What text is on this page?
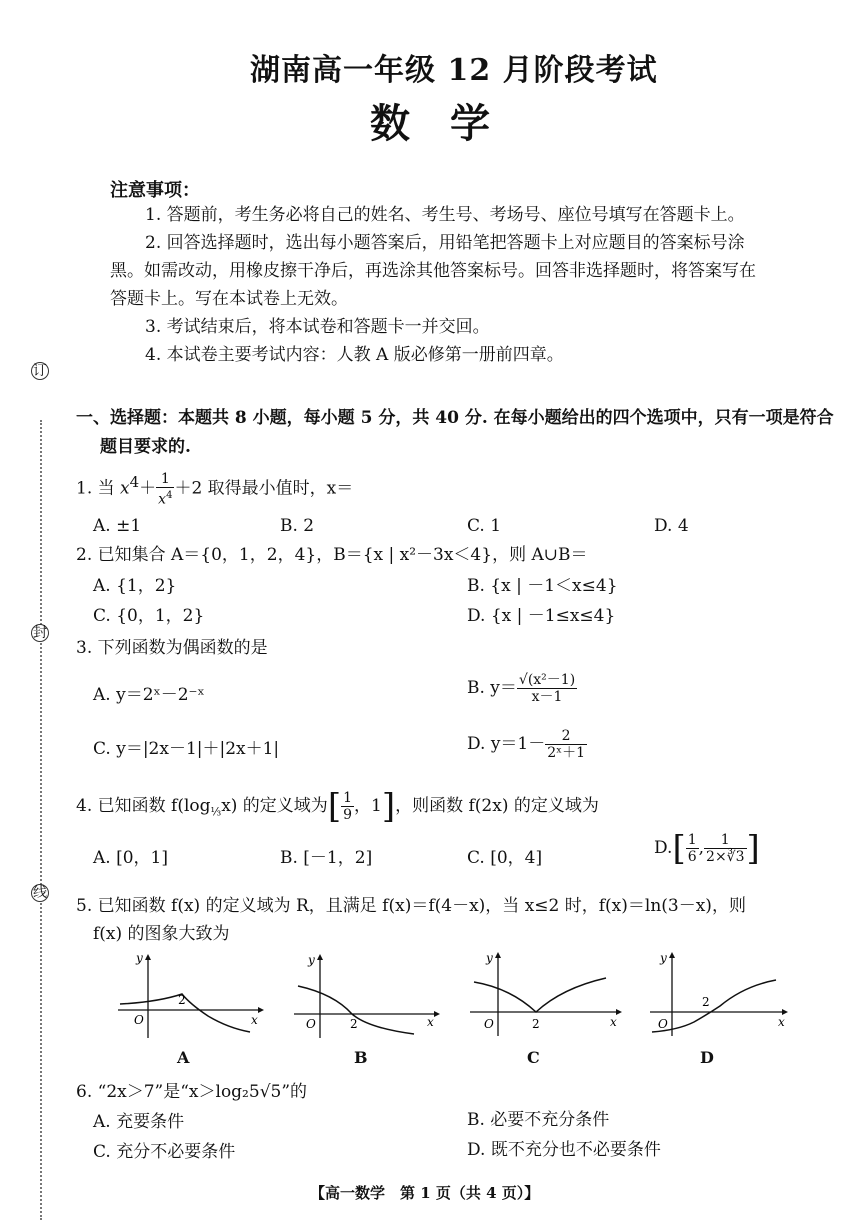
湖南高一年级 12 月阶段考试
数学
注意事项：
1. 答题前，考生务必将自己的姓名、考生号、考场号、座位号填写在答题卡上。
2. 回答选择题时，选出每小题答案后，用铅笔把答题卡上对应题目的答案标号涂
黑。如需改动，用橡皮擦干净后，再选涂其他答案标号。回答非选择题时，将答案写在
答题卡上。写在本试卷上无效。
3. 考试结束后，将本试卷和答题卡一并交回。
4. 本试卷主要考试内容：人教 A 版必修第一册前四章。
订
封
线
一、选择题：本题共 8 小题，每小题 5 分，共 40 分. 在每小题给出的四个选项中，只有一项是符合
题目要求的.
1. 当 $x^4+ \frac{1}{x^4} +2$ 取得最小值时，x＝
A. ±1	B. 2	C. 1	D. 4
2. 已知集合 A＝{0，1，2，4}，B＝{x | x²－3x＜4}，则 A∪B＝
A. {1，2}	B. {x | －1＜x≤4}
C. {0，1，2}	D. {x | －1≤x≤4}
3. 下列函数为偶函数的是
A. y＝2ˣ－2⁻ˣ	B. $y= \frac{\text{√(x²－1)}}{x-1}$
C. y＝|2x－1|＋|2x＋1|	D. $y=1- \frac{2}{\text{2ˣ＋1}}$
4. 已知函数 $f(\log_{\frac{1}{3}}x)$ 的定义域为[ $\frac{1}{9}$ ，1]，则函数 f(2x) 的定义域为
A. [0，1]	B. [－1，2]	C. [0，4]	$D.[ \frac{1}{6}$ , $\frac{1}{2\times∛3}$ ]
5. 已知函数 f(x) 的定义域为 R，且满足 f(x)＝f(4－x)，当 x≤2 时，f(x)＝ln(3－x)，则
f(x) 的图象大致为
y
x
O
2
A
y
x
O	2
B
y
x
O	2
C
y
x
O
2
D
6. “2x＞7”是“x＞log₂5√5”的
A. 充要条件	B. 必要不充分条件
C. 充分不必要条件	D. 既不充分也不必要条件
【高一数学　第 1 页（共 4 页）】
